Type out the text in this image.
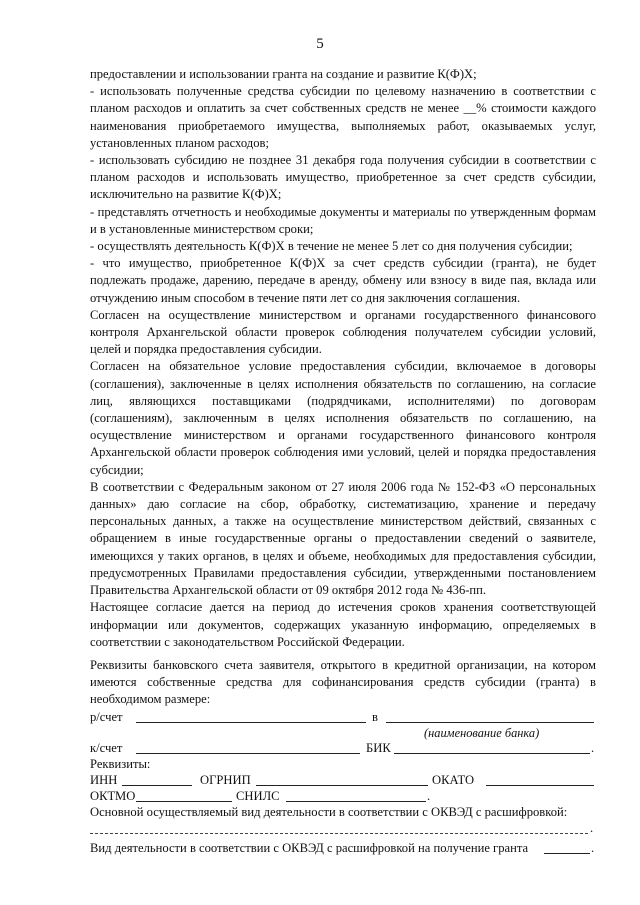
5

предоставлении и использовании гранта на создание и развитие К(Ф)Х;

- использовать полученные средства субсидии по целевому назначению в соответствии с планом расходов и оплатить за счет собственных средств не менее __% стоимости каждого наименования приобретаемого имущества, выполняемых работ, оказываемых услуг, установленных планом расходов;

- использовать субсидию не позднее 31 декабря года получения субсидии в соответствии с планом расходов и использовать имущество, приобретенное за счет средств субсидии, исключительно на развитие К(Ф)Х;

- представлять отчетность и необходимые документы и материалы по утвержденным формам и в установленные министерством сроки;

- осуществлять деятельность К(Ф)Х в течение не менее 5 лет со дня получения субсидии;

- что имущество, приобретенное К(Ф)Х за счет средств субсидии (гранта), не будет подлежать продаже, дарению, передаче в аренду, обмену или взносу в виде пая, вклада или отчуждению иным способом в течение пяти лет со дня заключения соглашения.

Согласен на осуществление министерством и органами государственного финансового контроля Архангельской области проверок соблюдения получателем субсидии условий, целей и порядка предоставления субсидии.

Согласен на обязательное условие предоставления субсидии, включаемое в договоры (соглашения), заключенные в целях исполнения обязательств по соглашению, на согласие лиц, являющихся поставщиками (подрядчиками, исполнителями) по договорам (соглашениям), заключенным в целях исполнения обязательств по соглашению, на осуществление министерством и органами государственного финансового контроля Архангельской области проверок соблюдения ими условий, целей и порядка предоставления субсидии;

В соответствии с Федеральным законом от 27 июля 2006 года № 152-ФЗ «О персональных данных» даю согласие на сбор, обработку, систематизацию, хранение и передачу персональных данных, а также на осуществление министерством действий, связанных с обращением в иные государственные органы о предоставлении сведений о заявителе, имеющихся у таких органов, в целях и объеме, необходимых для предоставления субсидии, предусмотренных Правилами предоставления субсидии, утвержденными постановлением Правительства Архангельской области от 09 октября 2012 года № 436-пп.

Настоящее согласие дается на период до истечения сроков хранения соответствующей информации или документов, содержащих указанную информацию, определяемых в соответствии с законодательством Российской Федерации.

Реквизиты банковского счета заявителя, открытого в кредитной организации, на котором имеются собственные средства для софинансирования средств субсидии (гранта) в необходимом размере:

р/счет	в
(наименование банка)
к/счет	БИК	.
Реквизиты:
ИНН	ОГРНИП	ОКАТО
ОКТМО	СНИЛС	.
Основной осуществляемый вид деятельности в соответствии с ОКВЭД с расшифровкой:
.
Вид деятельности в соответствии с ОКВЭД с расшифровкой на получение гранта	.
